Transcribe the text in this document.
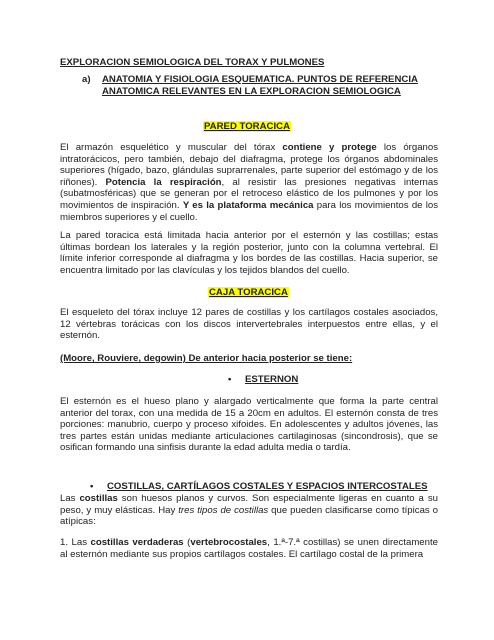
EXPLORACION SEMIOLOGICA DEL TORAX Y PULMONES
a)	ANATOMIA Y FISIOLOGIA ESQUEMATICA. PUNTOS DE REFERENCIA ANATOMICA RELEVANTES EN LA EXPLORACION SEMIOLOGICA
PARED TORACICA
El armazón esquelético y muscular del tórax contiene y protege los órganos intratorácicos, pero también, debajo del diafragma, protege los órganos abdominales superiores (hígado, bazo, glándulas suprarrenales, parte superior del estómago y de los riñones). Potencia la respiración, al resistir las presiones negativas internas (subatmosféricas) que se generan por el retroceso elástico de los pulmones y por los movimientos de inspiración. Y es la plataforma mecánica para los movimientos de los miembros superiores y el cuello.
La pared toracica está limitada hacia anterior por el esternón y las costillas; estas últimas bordean los laterales y la región posterior, junto con la columna vertebral. El límite inferior corresponde al diafragma y los bordes de las costillas. Hacia superior, se encuentra limitado por las clavículas y los tejidos blandos del cuello.
CAJA TORACICA
El esqueleto del tórax incluye 12 pares de costillas y los cartílagos costales asociados, 12 vértebras torácicas con los discos intervertebrales interpuestos entre ellas, y el esternón.
(Moore, Rouviere, degowin) De anterior hacia posterior se tiene:
• ESTERNON
El esternón es el hueso plano y alargado verticalmente que forma la parte central anterior del torax, con una medida de 15 a 20cm en adultos. El esternón consta de tres porciones: manubrio, cuerpo y proceso xifoides. En adolescentes y adultos jóvenes, las tres partes están unidas mediante articulaciones cartilaginosas (sincondrosis), que se osifican formando una sinfisis durante la edad adulta media o tardía.
• COSTILLAS, CARTÍLAGOS COSTALES Y ESPACIOS INTERCOSTALES
Las costillas son huesos planos y curvos. Son especialmente ligeras en cuanto a su peso, y muy elásticas. Hay tres tipos de costillas que pueden clasificarse como típicas o atípicas:
1. Las costillas verdaderas (vertebrocostales, 1.ª-7.ª costillas) se unen directamente al esternón mediante sus propios cartílagos costales. El cartílago costal de la primera
